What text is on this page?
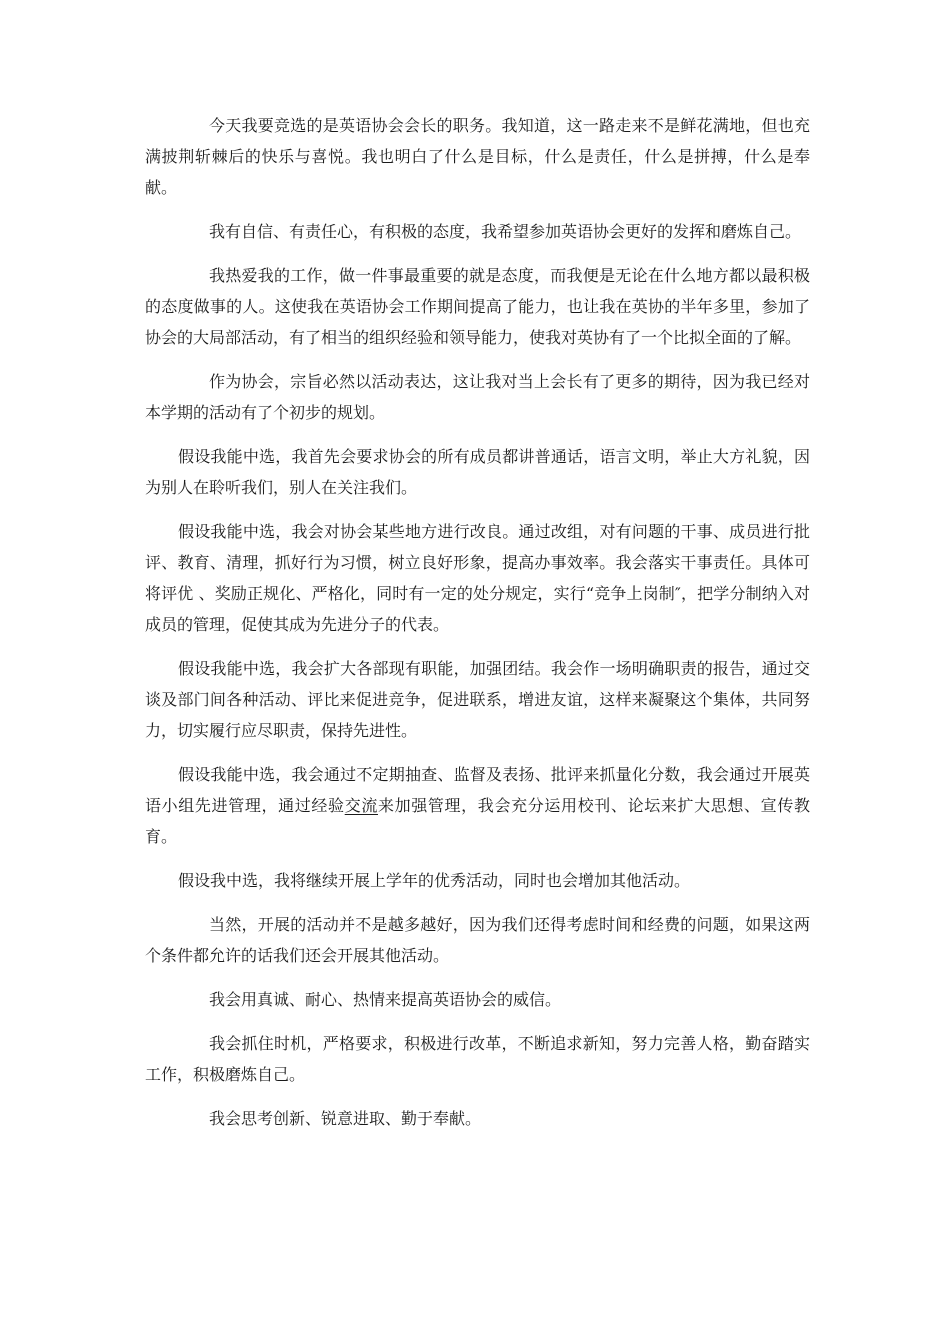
今天我要竞选的是英语协会会长的职务。我知道，这一路走来不是鲜花满地，但也充满披荆斩棘后的快乐与喜悦。我也明白了什么是目标，什么是责任，什么是拼搏，什么是奉献。

我有自信、有责任心，有积极的态度，我希望参加英语协会更好的发挥和磨炼自己。

我热爱我的工作，做一件事最重要的就是态度，而我便是无论在什么地方都以最积极的态度做事的人。这使我在英语协会工作期间提高了能力，也让我在英协的半年多里，参加了协会的大局部活动，有了相当的组织经验和领导能力，使我对英协有了一个比拟全面的了解。

作为协会，宗旨必然以活动表达，这让我对当上会长有了更多的期待，因为我已经对本学期的活动有了个初步的规划。

假设我能中选，我首先会要求协会的所有成员都讲普通话，语言文明，举止大方礼貌，因为别人在聆听我们，别人在关注我们。

假设我能中选，我会对协会某些地方进行改良。通过改组，对有问题的干事、成员进行批评、教育、清理，抓好行为习惯，树立良好形象，提高办事效率。我会落实干事责任。具体可将评优 、奖励正规化、严格化，同时有一定的处分规定，实行“竞争上岗制″，把学分制纳入对成员的管理，促使其成为先进分子的代表。

假设我能中选，我会扩大各部现有职能，加强团结。我会作一场明确职责的报告，通过交谈及部门间各种活动、评比来促进竞争，促进联系，增进友谊，这样来凝聚这个集体，共同努力，切实履行应尽职责，保持先进性。

假设我能中选，我会通过不定期抽查、监督及表扬、批评来抓量化分数，我会通过开展英语小组先进管理，通过经验交流来加强管理，我会充分运用校刊、论坛来扩大思想、宣传教育。

假设我中选，我将继续开展上学年的优秀活动，同时也会增加其他活动。

当然，开展的活动并不是越多越好，因为我们还得考虑时间和经费的问题，如果这两个条件都允许的话我们还会开展其他活动。

我会用真诚、耐心、热情来提高英语协会的威信。

我会抓住时机，严格要求，积极进行改革，不断追求新知，努力完善人格，勤奋踏实工作，积极磨炼自己。

我会思考创新、锐意进取、勤于奉献。
